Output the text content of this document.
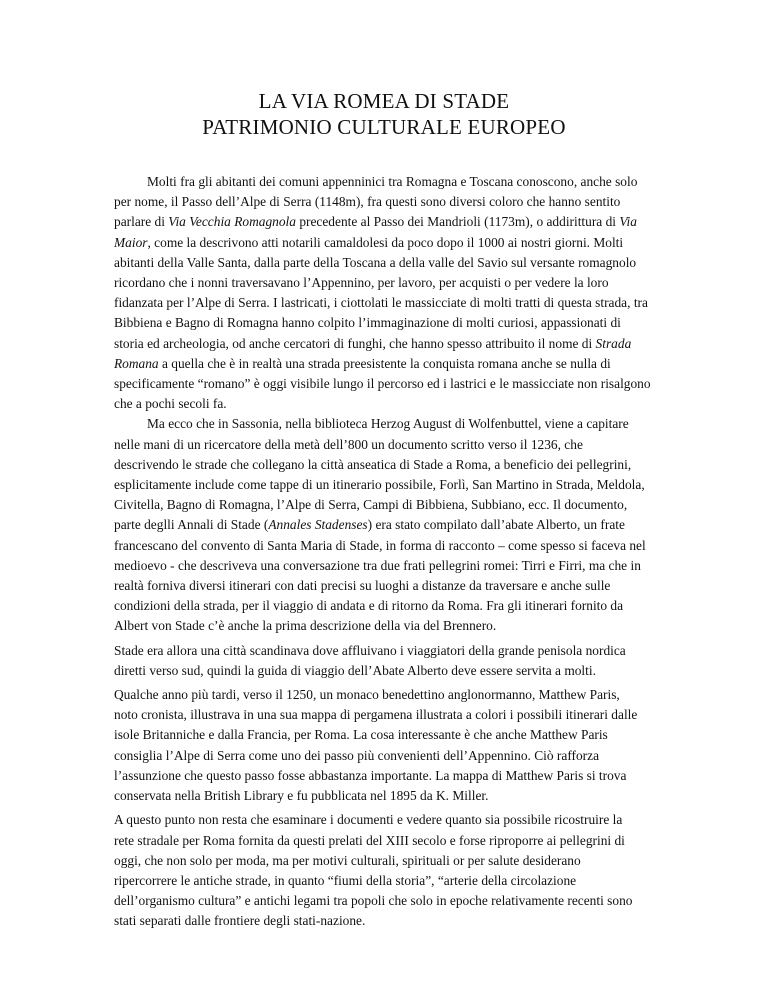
LA VIA ROMEA DI STADE
PATRIMONIO CULTURALE EUROPEO
Molti fra gli abitanti dei comuni appenninici tra Romagna e Toscana conoscono, anche solo
per nome, il Passo dell’Alpe di Serra (1148m), fra questi sono diversi coloro che hanno sentito
parlare di Via Vecchia Romagnola precedente al Passo dei Mandrioli (1173m), o addirittura di Via
Maior, come la descrivono atti notarili camaldolesi da poco dopo il 1000 ai nostri giorni. Molti
abitanti della Valle Santa, dalla parte della Toscana a della valle del Savio sul versante romagnolo
ricordano che i nonni traversavano l’Appennino, per lavoro, per acquisti o per vedere la loro
fidanzata per l’Alpe di Serra. I lastricati, i ciottolati le massicciate di molti tratti di questa strada, tra
Bibbiena e Bagno di Romagna hanno colpito l’immaginazione di molti curiosi, appassionati di
storia ed archeologia, od anche cercatori di funghi, che hanno spesso attribuito il nome di Strada
Romana a quella che è in realtà una strada preesistente la conquista romana anche se nulla di
specificamente “romano” è oggi visibile lungo il percorso ed i lastrici e le massicciate non risalgono
che a pochi secoli fa.
Ma ecco che in Sassonia, nella biblioteca Herzog August di Wolfenbuttel, viene a capitare
nelle mani di un ricercatore della metà dell’800 un documento scritto verso il 1236, che
descrivendo le strade che collegano la città anseatica di Stade a Roma, a beneficio dei pellegrini,
esplicitamente include come tappe di un itinerario possibile, Forlì, San Martino in Strada, Meldola,
Civitella, Bagno di Romagna, l’Alpe di Serra, Campi di Bibbiena, Subbiano, ecc. Il documento,
parte deglli Annali di Stade (Annales Stadenses) era stato compilato dall’abate Alberto, un frate
francescano del convento di Santa Maria di Stade, in forma di racconto – come spesso si faceva nel
medioevo - che descriveva una conversazione tra due frati pellegrini romei: Tirri e Firri, ma che in
realtà forniva diversi itinerari con dati precisi su luoghi a distanze da traversare e anche sulle
condizioni della strada, per il viaggio di andata e di ritorno da Roma. Fra gli itinerari fornito da
Albert von Stade c’è anche la prima descrizione della via del Brennero.
Stade era allora una città scandinava dove affluivano i viaggiatori della grande penisola nordica
diretti verso sud, quindi la guida di viaggio dell’Abate Alberto deve essere servita a molti.
Qualche anno più tardi, verso il 1250, un monaco benedettino anglonormanno, Matthew Paris,
noto cronista, illustrava in una sua mappa di pergamena illustrata a colori i possibili itinerari dalle
isole Britanniche e dalla Francia, per Roma. La cosa interessante è che anche Matthew Paris
consiglia l’Alpe di Serra come uno dei passo più convenienti dell’Appennino. Ciò rafforza
l’assunzione che questo passo fosse abbastanza importante. La mappa di Matthew Paris si trova
conservata nella British Library e fu pubblicata nel 1895 da K. Miller.
A questo punto non resta che esaminare i documenti e vedere quanto sia possibile ricostruire la
rete stradale per Roma fornita da questi prelati del XIII secolo e forse riproporre ai pellegrini di
oggi, che non solo per moda, ma per motivi culturali, spirituali or per salute desiderano
ripercorrere le antiche strade, in quanto “fiumi della storia”, “arterie della circolazione
dell’organismo cultura” e antichi legami tra popoli che solo in epoche relativamente recenti sono
stati separati dalle frontiere degli stati-nazione.
